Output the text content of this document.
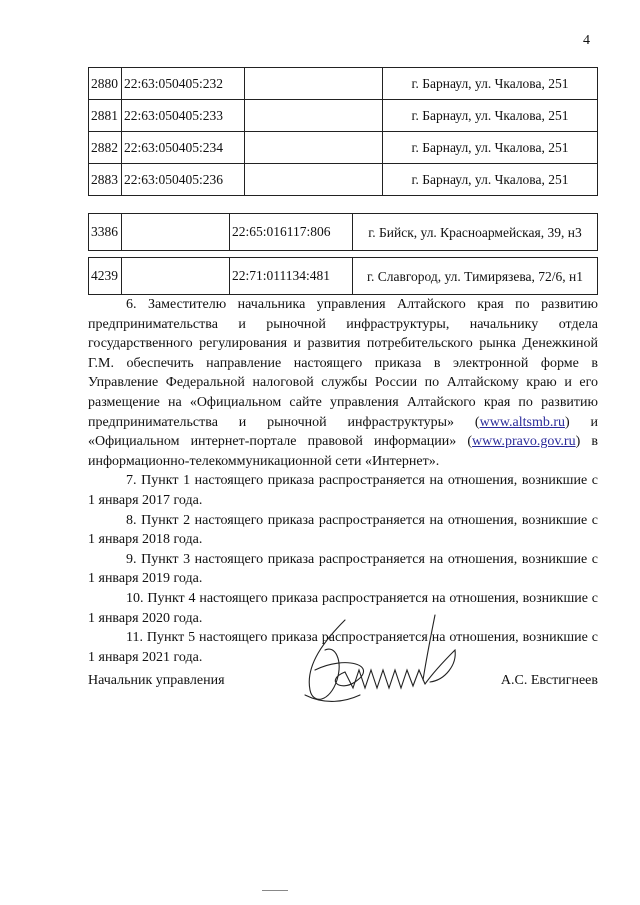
4
2880	22:63:050405:232		г. Барнаул, ул. Чкалова, 251
2881	22:63:050405:233		г. Барнаул, ул. Чкалова, 251
2882	22:63:050405:234		г. Барнаул, ул. Чкалова, 251
2883	22:63:050405:236		г. Барнаул, ул. Чкалова, 251
3386		22:65:016117:806	г. Бийск, ул. Красноармейская, 39, н3
4239		22:71:011134:481	г. Славгород, ул. Тимирязева, 72/6, н1

6. Заместителю начальника управления Алтайского края по развитию предпринимательства и рыночной инфраструктуры, начальнику отдела государственного регулирования и развития потребительского рынка Денежкиной Г.М. обеспечить направление настоящего приказа в электронной форме в Управление Федеральной налоговой службы России по Алтайскому краю и его размещение на «Официальном сайте управления Алтайского края по развитию предпринимательства и рыночной инфраструктуры» (www.altsmb.ru) и «Официальном интернет-портале правовой информации» (www.pravo.gov.ru) в информационно-телекоммуникационной сети «Интернет».

7. Пункт 1 настоящего приказа распространяется на отношения, возникшие с 1 января 2017 года.

8. Пункт 2 настоящего приказа распространяется на отношения, возникшие с 1 января 2018 года.

9. Пункт 3 настоящего приказа распространяется на отношения, возникшие с 1 января 2019 года.

10. Пункт 4 настоящего приказа распространяется на отношения, возникшие с 1 января 2020 года.

11. Пункт 5 настоящего приказа распространяется на отношения, возникшие с 1 января 2021 года.

Начальник управления	А.С. Евстигнеев
